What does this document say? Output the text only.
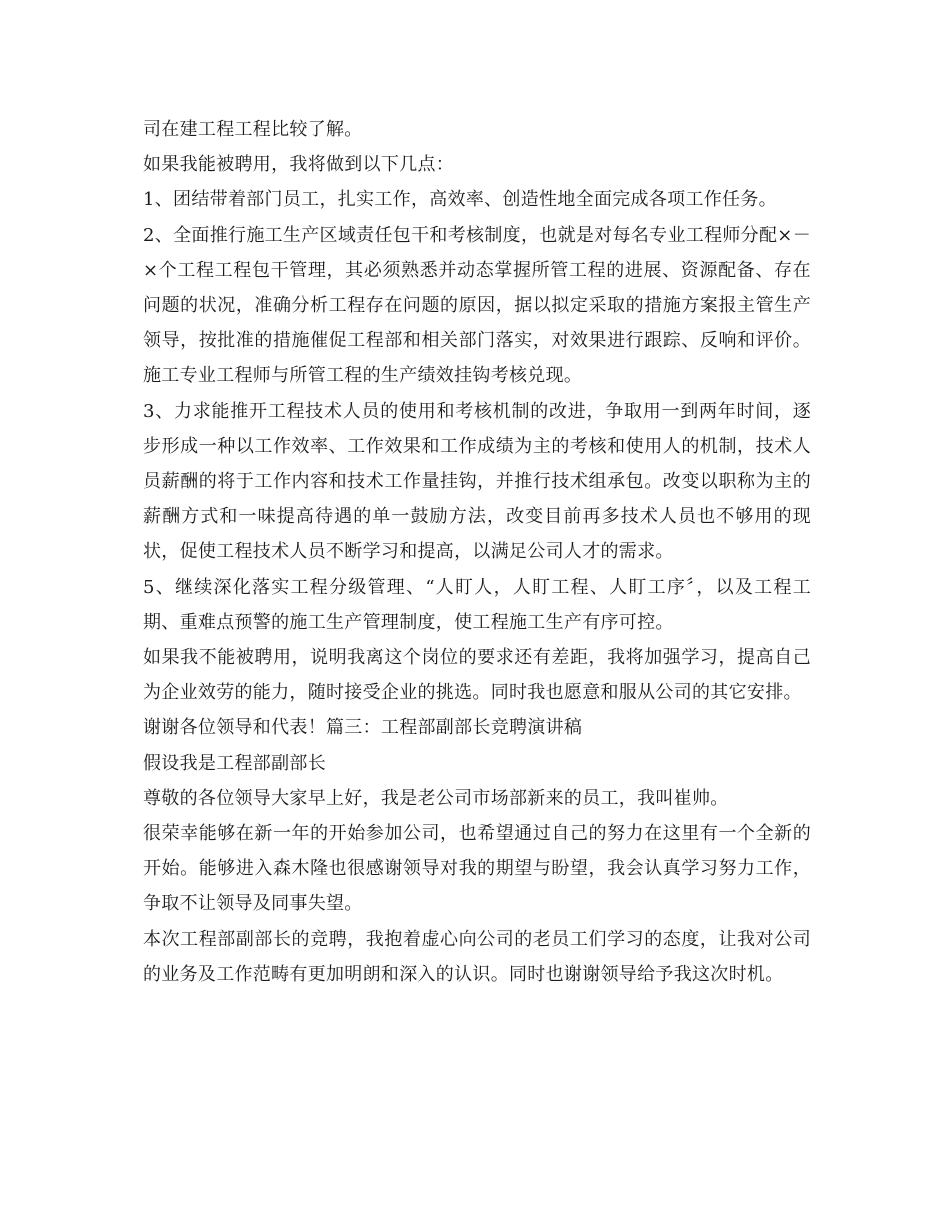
司在建工程工程比较了解。

如果我能被聘用，我将做到以下几点：

1、团结带着部门员工，扎实工作，高效率、创造性地全面完成各项工作任务。

2、全面推行施工生产区域责任包干和考核制度，也就是对每名专业工程师分配×－×个工程工程包干管理，其必须熟悉并动态掌握所管工程的进展、资源配备、存在问题的状况，准确分析工程存在问题的原因，据以拟定采取的措施方案报主管生产领导，按批准的措施催促工程部和相关部门落实，对效果进行跟踪、反响和评价。施工专业工程师与所管工程的生产绩效挂钩考核兑现。

3、力求能推开工程技术人员的使用和考核机制的改进，争取用一到两年时间，逐步形成一种以工作效率、工作效果和工作成绩为主的考核和使用人的机制，技术人员薪酬的将于工作内容和技术工作量挂钩，并推行技术组承包。改变以职称为主的薪酬方式和一味提高待遇的单一鼓励方法，改变目前再多技术人员也不够用的现状，促使工程技术人员不断学习和提高，以满足公司人才的需求。

5、继续深化落实工程分级管理、“人盯人，人盯工程、人盯工序〞，以及工程工期、重难点预警的施工生产管理制度，使工程施工生产有序可控。

如果我不能被聘用，说明我离这个岗位的要求还有差距，我将加强学习，提高自己为企业效劳的能力，随时接受企业的挑选。同时我也愿意和服从公司的其它安排。

谢谢各位领导和代表！篇三：工程部副部长竞聘演讲稿

假设我是工程部副部长

尊敬的各位领导大家早上好，我是老公司市场部新来的员工，我叫崔帅。

很荣幸能够在新一年的开始参加公司，也希望通过自己的努力在这里有一个全新的开始。能够进入森木隆也很感谢领导对我的期望与盼望，我会认真学习努力工作，争取不让领导及同事失望。

本次工程部副部长的竞聘，我抱着虚心向公司的老员工们学习的态度，让我对公司的业务及工作范畴有更加明朗和深入的认识。同时也谢谢领导给予我这次时机。
